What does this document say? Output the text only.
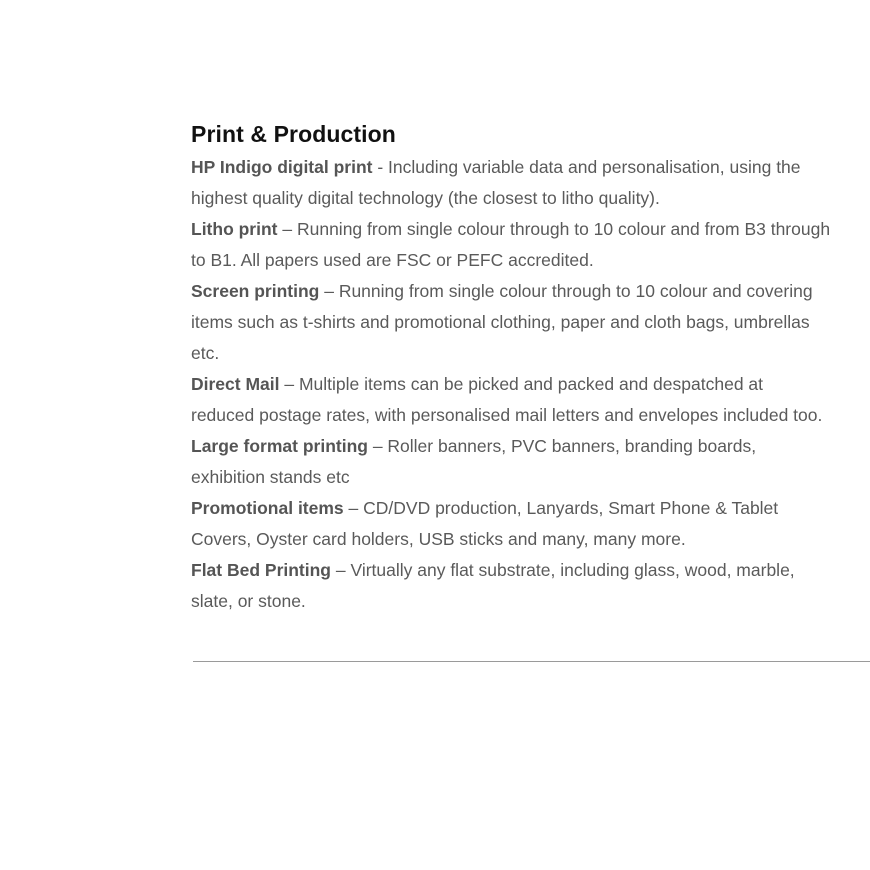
Print & Production
HP Indigo digital print - Including variable data and personalisation, using the highest quality digital technology (the closest to litho quality).
Litho print – Running from single colour through to 10 colour and from B3 through to B1. All papers used are FSC or PEFC accredited.
Screen printing – Running from single colour through to 10 colour and covering items such as t-shirts and promotional clothing, paper and cloth bags, umbrellas etc.
Direct Mail – Multiple items can be picked and packed and despatched at reduced postage rates, with personalised mail letters and envelopes included too.
Large format printing – Roller banners, PVC banners, branding boards, exhibition stands etc
Promotional items – CD/DVD production, Lanyards, Smart Phone & Tablet Covers, Oyster card holders, USB sticks and many, many more.
Flat Bed Printing – Virtually any flat substrate, including glass, wood, marble, slate, or stone.
